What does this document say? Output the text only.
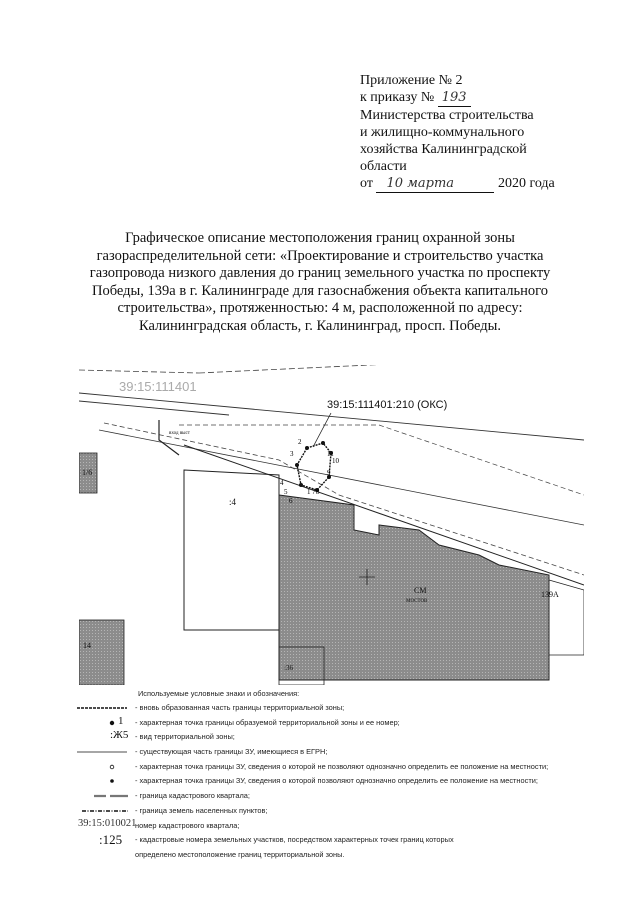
Приложение № 2
к приказу № 193
Министерства строительства
и жилищно-коммунального
хозяйства Калининградской
области
от	10 марта	2020 года
Графическое описание местоположения границ охранной зоны
газораспределительной сети: «Проектирование и строительство участка
газопровода низкого давления до границ земельного участка по проспекту
Победы, 139а в г. Калининграде для газоснабжения объекта капитального
строительства», протяженностью: 4 м, расположенной по адресу:
Калининградская область, г. Калининград, просп. Победы.
1/6
:4
СМ
МОСТОВ
139А
14
:36
вход выст
39:15:111401
39:15:111401:210 (ОКС)
2
3	11
10
9
4
5
6
1 7 8
Используемые условные знаки и обозначения:
- вновь образованная часть границы территориальной зоны;
1 - характерная точка границы образуемой территориальной зоны и ее номер;
:Ж5 - вид территориальной зоны;
- существующая часть границы ЗУ, имеющиеся в ЕГРН;
- характерная точка границы ЗУ, сведения о которой не позволяют однозначно определить ее положение на местности;
- характерная точка границы ЗУ, сведения о которой позволяют однозначно определить ее положение на местности;
- граница кадастрового квартала;
- граница земель населенных пунктов;
39:15:010021
номер кадастрового квартала;
:125 - кадастровые номера земельных участков, посредством характерных точек границ которых
определено местоположение границ территориальной зоны.
